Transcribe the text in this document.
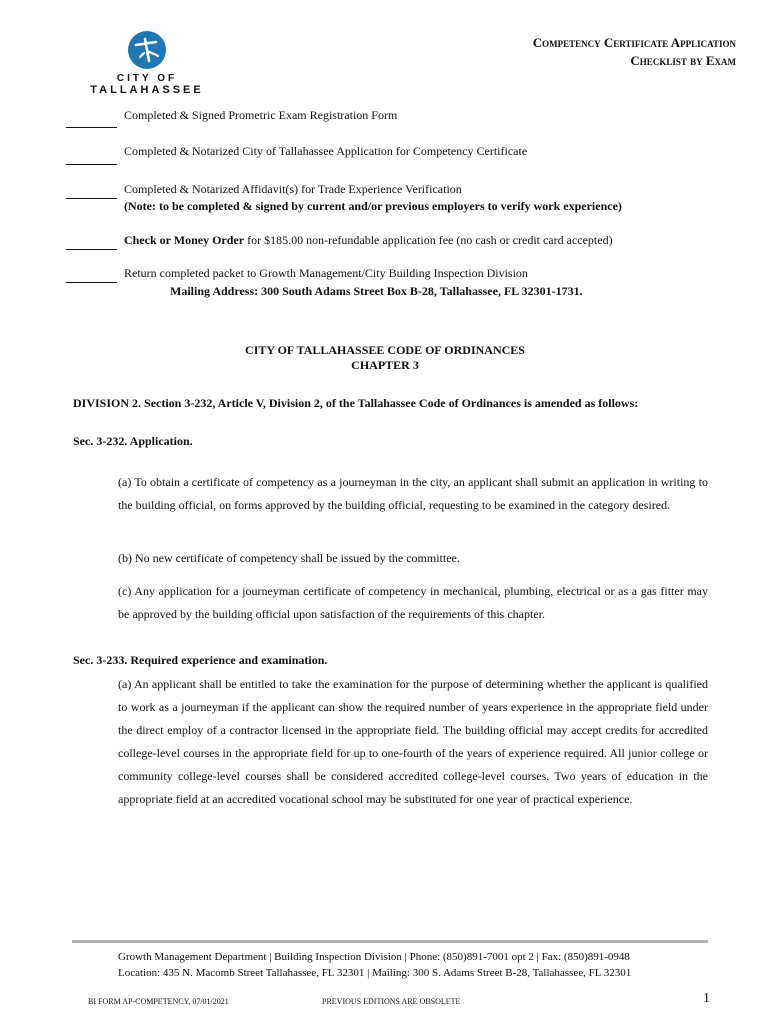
CITY OF
TALLAHASSEE
Competency Certificate Application
Checklist by Exam
Completed & Signed Prometric Exam Registration Form
Completed & Notarized City of Tallahassee Application for Competency Certificate
Completed & Notarized Affidavit(s) for Trade Experience Verification
(Note: to be completed & signed by current and/or previous employers to verify work experience)
Check or Money Order for $185.00 non-refundable application fee (no cash or credit card accepted)
Return completed packet to Growth Management/City Building Inspection Division
Mailing Address: 300 South Adams Street Box B-28, Tallahassee, FL 32301-1731.
CITY OF TALLAHASSEE CODE OF ORDINANCES
CHAPTER 3
DIVISION 2. Section 3-232, Article V, Division 2, of the Tallahassee Code of Ordinances is amended as follows:
Sec. 3-232. Application.
(a) To obtain a certificate of competency as a journeyman in the city, an applicant shall submit an application in writing to the building official, on forms approved by the building official, requesting to be examined in the category desired.
(b) No new certificate of competency shall be issued by the committee.
(c) Any application for a journeyman certificate of competency in mechanical, plumbing, electrical or as a gas fitter may be approved by the building official upon satisfaction of the requirements of this chapter.
Sec. 3-233. Required experience and examination.
(a) An applicant shall be entitled to take the examination for the purpose of determining whether the applicant is qualified to work as a journeyman if the applicant can show the required number of years experience in the appropriate field under the direct employ of a contractor licensed in the appropriate field. The building official may accept credits for accredited college-level courses in the appropriate field for up to one-fourth of the years of experience required. All junior college or community college-level courses shall be considered accredited college-level courses. Two years of education in the appropriate field at an accredited vocational school may be substituted for one year of practical experience.
Growth Management Department | Building Inspection Division | Phone: (850)891-7001 opt 2 | Fax: (850)891-0948
Location: 435 N. Macomb Street Tallahassee, FL 32301 | Mailing: 300 S. Adams Street B-28, Tallahassee, FL 32301
BI FORM AP-COMPETENCY, 07/01/2021	PREVIOUS EDITIONS ARE OBSOLETE	1
